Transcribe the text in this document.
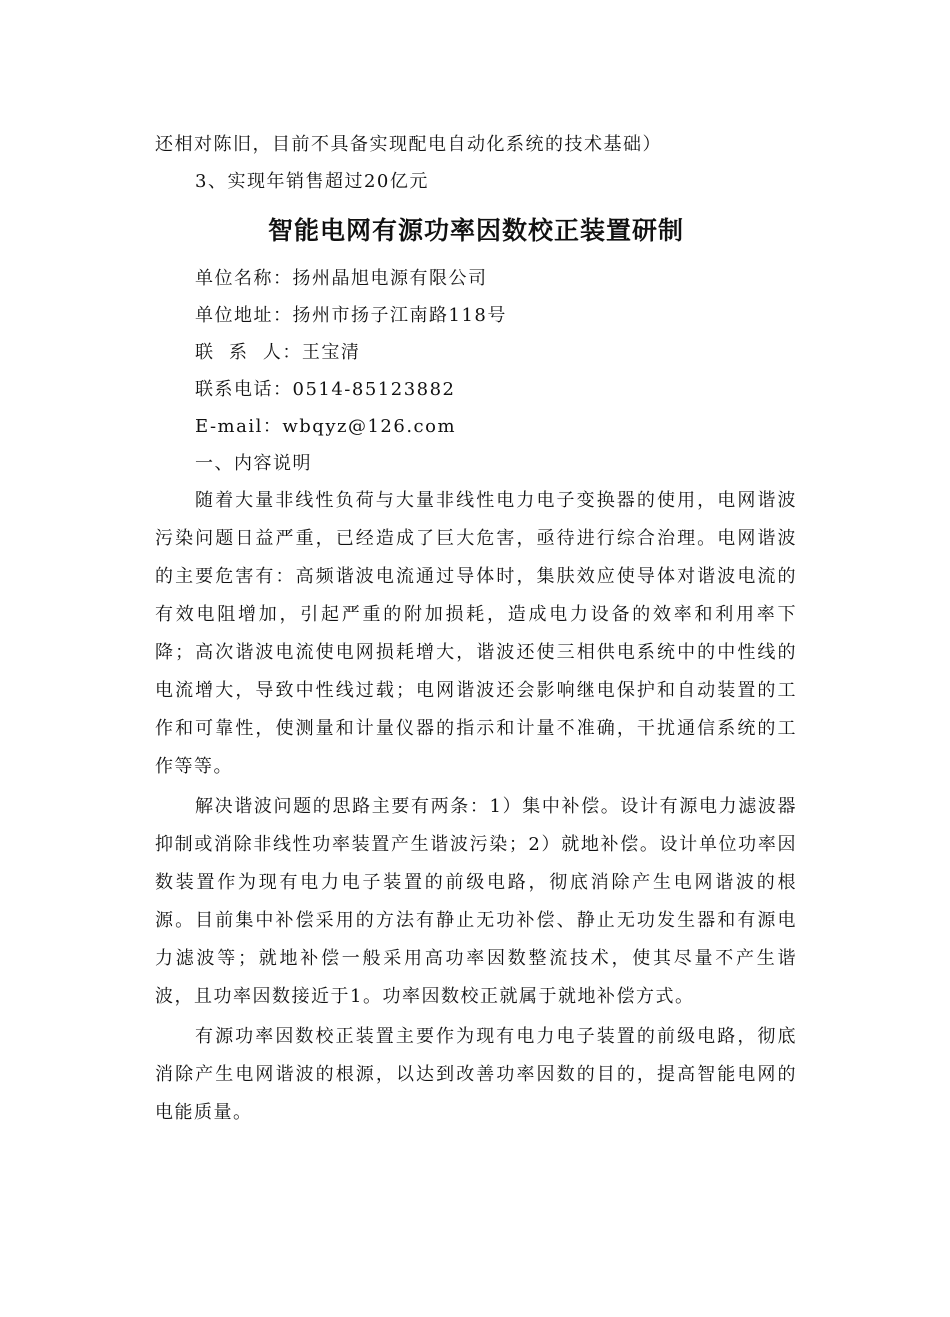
还相对陈旧，目前不具备实现配电自动化系统的技术基础）
3、实现年销售超过20亿元
智能电网有源功率因数校正装置研制
单位名称：扬州晶旭电源有限公司
单位地址：扬州市扬子江南路118号
联  系  人：王宝清
联系电话：0514-85123882
E-mail：wbqyz@126.com
一、内容说明

随着大量非线性负荷与大量非线性电力电子变换器的使用，电网谐波污染问题日益严重，已经造成了巨大危害，亟待进行综合治理。电网谐波的主要危害有：高频谐波电流通过导体时，集肤效应使导体对谐波电流的有效电阻增加，引起严重的附加损耗，造成电力设备的效率和利用率下降；高次谐波电流使电网损耗增大，谐波还使三相供电系统中的中性线的电流增大，导致中性线过载；电网谐波还会影响继电保护和自动装置的工作和可靠性，使测量和计量仪器的指示和计量不准确，干扰通信系统的工作等等。

解决谐波问题的思路主要有两条：1）集中补偿。设计有源电力滤波器抑制或消除非线性功率装置产生谐波污染；2）就地补偿。设计单位功率因数装置作为现有电力电子装置的前级电路，彻底消除产生电网谐波的根源。目前集中补偿采用的方法有静止无功补偿、静止无功发生器和有源电力滤波等；就地补偿一般采用高功率因数整流技术，使其尽量不产生谐波，且功率因数接近于1。功率因数校正就属于就地补偿方式。

有源功率因数校正装置主要作为现有电力电子装置的前级电路，彻底消除产生电网谐波的根源，以达到改善功率因数的目的，提高智能电网的电能质量。
